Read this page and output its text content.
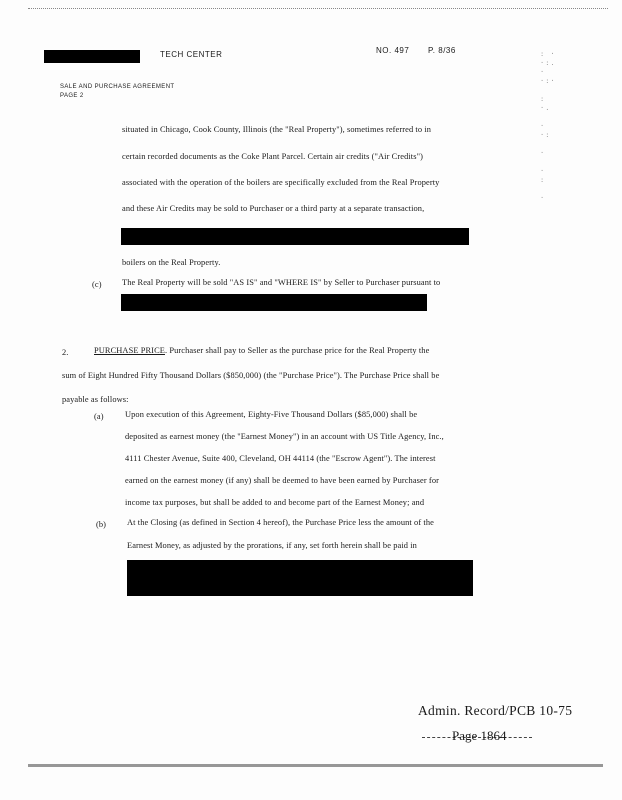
: ·
·:.
·
·:·

:
·.

·
·:

·

·
:

·
TECH CENTER	NO. 497 P. 8/36
SALE AND PURCHASE AGREEMENT
PAGE 2
situated in Chicago, Cook County, Illinois (the "Real Property"), sometimes referred to in
certain recorded documents as the Coke Plant Parcel. Certain air credits ("Air Credits")
associated with the operation of the boilers are specifically excluded from the Real Property
and these Air Credits may be sold to Purchaser or a third party at a separate transaction,
boilers on the Real Property.
(c) The Real Property will be sold "AS IS" and "WHERE IS" by Seller to Purchaser pursuant to
2.	PURCHASE PRICE. Purchaser shall pay to Seller as the purchase price for the Real Property the
sum of Eight Hundred Fifty Thousand Dollars ($850,000) (the "Purchase Price"). The Purchase Price shall be
payable as follows:
(a)	Upon execution of this Agreement, Eighty-Five Thousand Dollars ($85,000) shall be
deposited as earnest money (the "Earnest Money") in an account with US Title Agency, Inc.,
4111 Chester Avenue, Suite 400, Cleveland, OH 44114 (the "Escrow Agent"). The interest
earned on the earnest money (if any) shall be deemed to have been earned by Purchaser for
income tax purposes, but shall be added to and become part of the Earnest Money; and
(b) At the Closing (as defined in Section 4 hereof), the Purchase Price less the amount of the
Earnest Money, as adjusted by the prorations, if any, set forth herein shall be paid in
Admin. Record/PCB 10-75
Page 1864
